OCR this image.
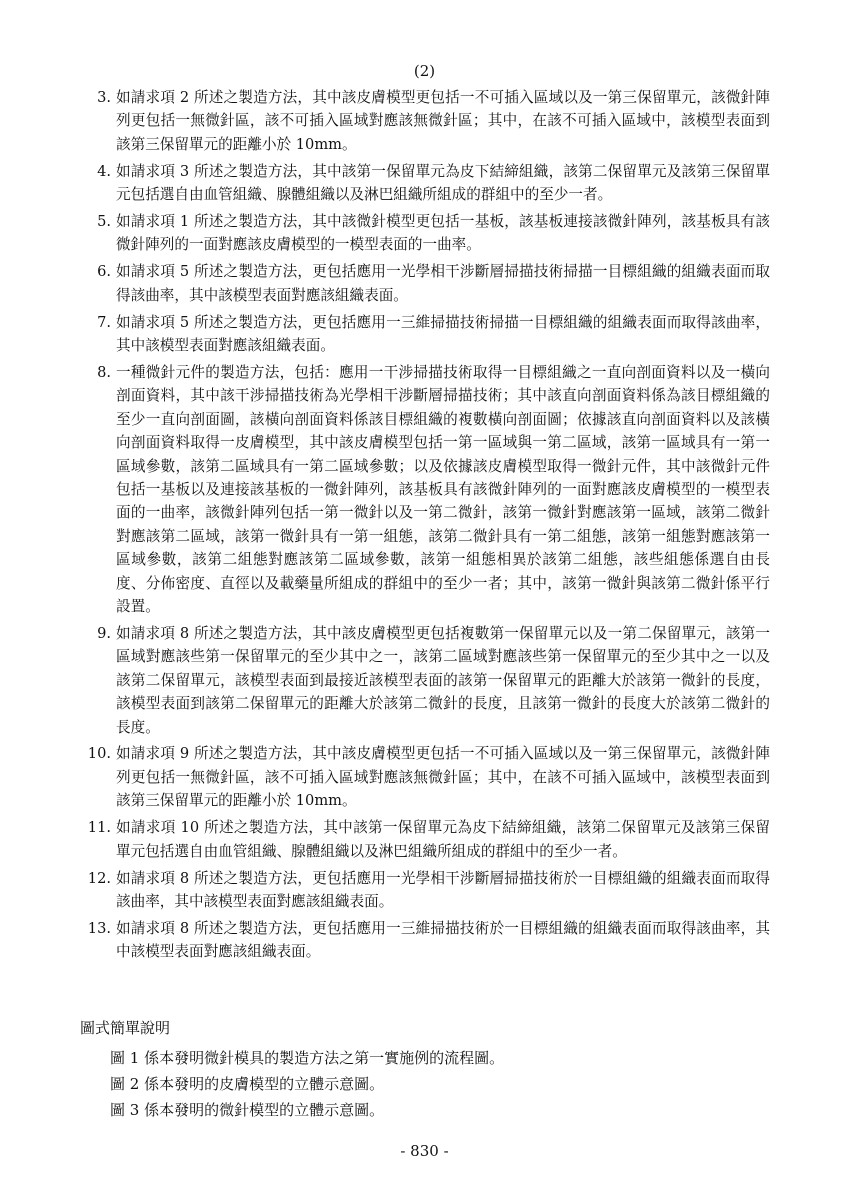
(2)
3. 如請求項 2 所述之製造方法，其中該皮膚模型更包括一不可插入區域以及一第三保留單元，該微針陣列更包括一無微針區，該不可插入區域對應該無微針區；其中，在該不可插入區域中，該模型表面到該第三保留單元的距離小於 10mm。
4. 如請求項 3 所述之製造方法，其中該第一保留單元為皮下結締組織，該第二保留單元及該第三保留單元包括選自由血管組織、腺體組織以及淋巴組織所組成的群組中的至少一者。
5. 如請求項 1 所述之製造方法，其中該微針模型更包括一基板，該基板連接該微針陣列，該基板具有該微針陣列的一面對應該皮膚模型的一模型表面的一曲率。
6. 如請求項 5 所述之製造方法，更包括應用一光學相干涉斷層掃描技術掃描一目標組織的組織表面而取得該曲率，其中該模型表面對應該組織表面。
7. 如請求項 5 所述之製造方法，更包括應用一三維掃描技術掃描一目標組織的組織表面而取得該曲率，其中該模型表面對應該組織表面。
8. 一種微針元件的製造方法，包括：應用一干涉掃描技術取得一目標組織之一直向剖面資料以及一橫向剖面資料，其中該干涉掃描技術為光學相干涉斷層掃描技術；其中該直向剖面資料係為該目標組織的至少一直向剖面圖，該橫向剖面資料係該目標組織的複數橫向剖面圖；依據該直向剖面資料以及該橫向剖面資料取得一皮膚模型，其中該皮膚模型包括一第一區域與一第二區域，該第一區域具有一第一區域參數，該第二區域具有一第二區域參數；以及依據該皮膚模型取得一微針元件，其中該微針元件包括一基板以及連接該基板的一微針陣列，該基板具有該微針陣列的一面對應該皮膚模型的一模型表面的一曲率，該微針陣列包括一第一微針以及一第二微針，該第一微針對應該第一區域，該第二微針對應該第二區域，該第一微針具有一第一組態，該第二微針具有一第二組態，該第一組態對應該第一區域參數，該第二組態對應該第二區域參數，該第一組態相異於該第二組態，該些組態係選自由長度、分佈密度、直徑以及載藥量所組成的群組中的至少一者；其中，該第一微針與該第二微針係平行設置。
9. 如請求項 8 所述之製造方法，其中該皮膚模型更包括複數第一保留單元以及一第二保留單元，該第一區域對應該些第一保留單元的至少其中之一，該第二區域對應該些第一保留單元的至少其中之一以及該第二保留單元，該模型表面到最接近該模型表面的該第一保留單元的距離大於該第一微針的長度，該模型表面到該第二保留單元的距離大於該第二微針的長度，且該第一微針的長度大於該第二微針的長度。
10. 如請求項 9 所述之製造方法，其中該皮膚模型更包括一不可插入區域以及一第三保留單元，該微針陣列更包括一無微針區，該不可插入區域對應該無微針區；其中，在該不可插入區域中，該模型表面到該第三保留單元的距離小於 10mm。
11. 如請求項 10 所述之製造方法，其中該第一保留單元為皮下結締組織，該第二保留單元及該第三保留單元包括選自由血管組織、腺體組織以及淋巴組織所組成的群組中的至少一者。
12. 如請求項 8 所述之製造方法，更包括應用一光學相干涉斷層掃描技術於一目標組織的組織表面而取得該曲率，其中該模型表面對應該組織表面。
13. 如請求項 8 所述之製造方法，更包括應用一三維掃描技術於一目標組織的組織表面而取得該曲率，其中該模型表面對應該組織表面。
圖式簡單說明
圖 1 係本發明微針模具的製造方法之第一實施例的流程圖。
圖 2 係本發明的皮膚模型的立體示意圖。
圖 3 係本發明的微針模型的立體示意圖。
- 830 -
